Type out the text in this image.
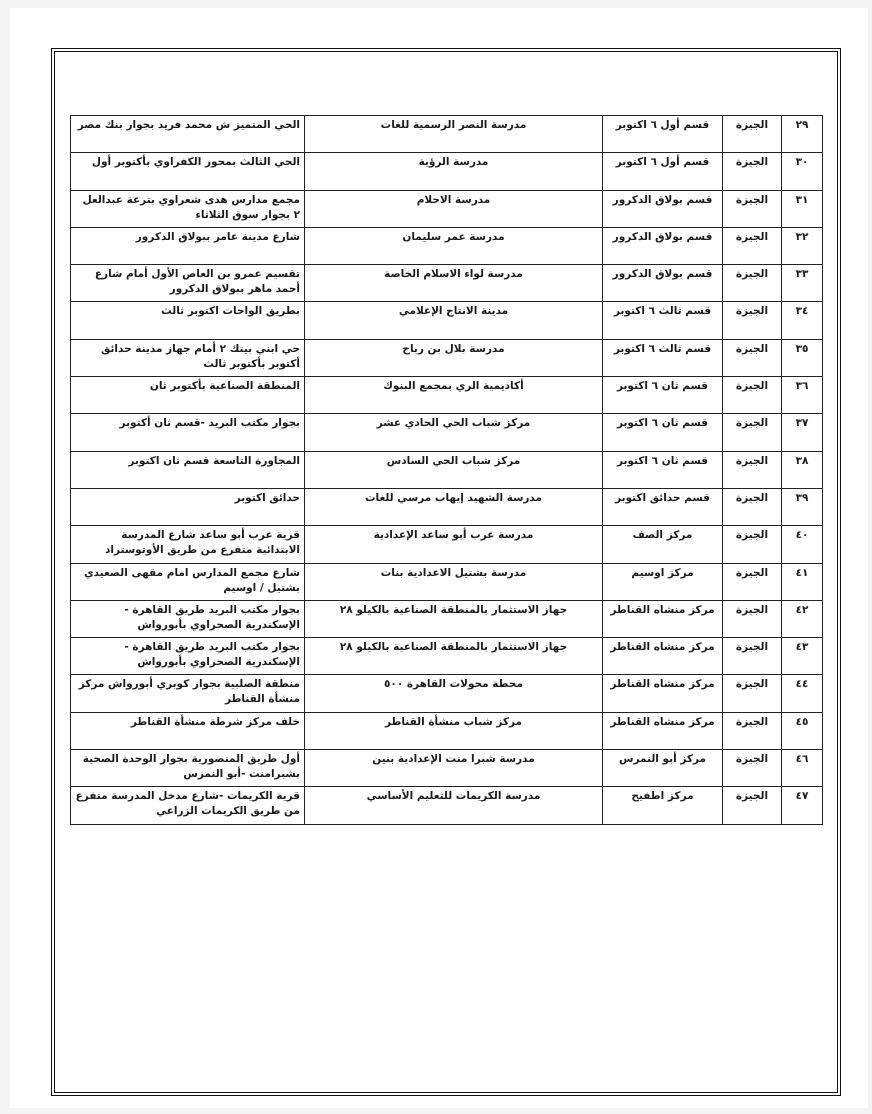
٢٩	الجيزة	قسم أول ٦ اكتوبر	مدرسة النصر الرسمية للغات	الحي المتميز ش محمد فريد بجوار بنك مصر
٣٠	الجيزة	قسم أول ٦ اكتوبر	مدرسة الرؤية	الحي الثالث بمحور الكفراوي بأكتوبر أول
٣١	الجيزة	قسم بولاق الدكرور	مدرسة الاحلام	مجمع مدارس هدى شعراوي بترعة عبدالعل ٢ بجوار سوق الثلاثاء
٣٢	الجيزة	قسم بولاق الدكرور	مدرسة عمر سليمان	شارع مدينة عامر ببولاق الدكرور
٣٣	الجيزة	قسم بولاق الدكرور	مدرسة لواء الاسلام الخاصة	تقسيم عمرو بن العاص الأول أمام شارع أحمد ماهر ببولاق الدكرور
٣٤	الجيزة	قسم ثالث ٦ اكتوبر	مدينة الانتاج الإعلامي	بطريق الواحات اكتوبر ثالث
٣٥	الجيزة	قسم ثالث ٦ اكتوبر	مدرسة بلال بن رباح	حي ابني بيتك ٢ أمام جهاز مدينة حدائق أكتوبر بأكتوبر ثالث
٣٦	الجيزة	قسم ثان ٦ اكتوبر	أكاديمية الري بمجمع البنوك	المنطقة الصناعية بأكتوبر ثان
٣٧	الجيزة	قسم ثان ٦ اكتوبر	مركز شباب الحي الحادي عشر	بجوار مكتب البريد -قسم ثان أكتوبر
٣٨	الجيزة	قسم ثان ٦ اكتوبر	مركز شباب الحي السادس	المجاورة التاسعة قسم ثان اكتوبر
٣٩	الجيزة	قسم حدائق اكتوبر	مدرسة الشهيد إيهاب مرسي للغات	حدائق اكتوبر
٤٠	الجيزة	مركز الصف	مدرسة عرب أبو ساعد الإعدادية	قرية عرب أبو ساعد شارع المدرسة الابتدائية متفرع من طريق الأوتوستراد
٤١	الجيزة	مركز اوسيم	مدرسة بشتيل الاعدادية بنات	شارع مجمع المدارس امام مقهى الصعيدي بشتيل / اوسيم
٤٢	الجيزة	مركز منشاه القناطر	جهاز الاستثمار بالمنطقة الصناعية بالكيلو ٢٨	بجوار مكتب البريد طريق القاهرة - الإسكندرية الصحراوي بأبورواش
٤٣	الجيزة	مركز منشاه القناطر	جهاز الاستثمار بالمنطقة الصناعية بالكيلو ٢٨	بجوار مكتب البريد طريق القاهرة - الإسكندرية الصحراوي بأبورواش
٤٤	الجيزة	مركز منشاه القناطر	محطة محولات القاهرة ٥٠٠	منطقة الصلبية بجوار كوبري أبورواش مركز منشأة القناطر
٤٥	الجيزة	مركز منشاه القناطر	مركز شباب منشأة القناطر	خلف مركز شرطة منشأة القناطر
٤٦	الجيزة	مركز أبو النمرس	مدرسة شبرا منت الإعدادية بنين	أول طريق المنصورية بجوار الوحدة الصحية بشبرامنت -أبو النمرس
٤٧	الجيزة	مركز اطفيح	مدرسة الكريمات للتعليم الأساسي	قرية الكريمات -شارع مدخل المدرسة متفرع من طريق الكريمات الزراعي
